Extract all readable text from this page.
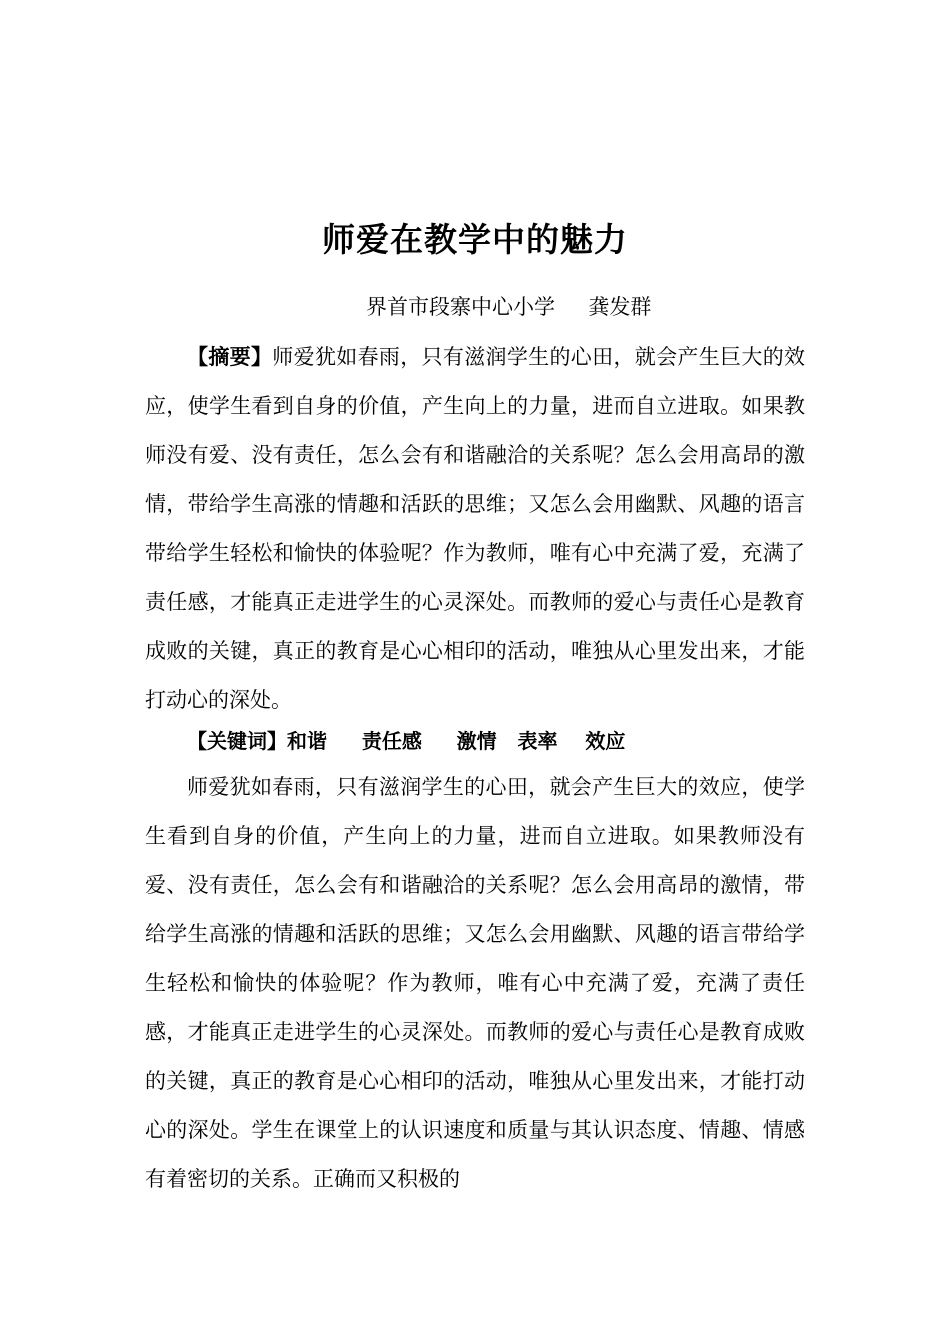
师爱在教学中的魅力
界首市段寨中心小学     龚发群

【摘要】师爱犹如春雨，只有滋润学生的心田，就会产生巨大的效应，使学生看到自身的价值，产生向上的力量，进而自立进取。如果教师没有爱、没有责任，怎么会有和谐融洽的关系呢？怎么会用高昂的激情，带给学生高涨的情趣和活跃的思维；又怎么会用幽默、风趣的语言带给学生轻松和愉快的体验呢？作为教师，唯有心中充满了爱，充满了责任感，才能真正走进学生的心灵深处。而教师的爱心与责任心是教育成败的关键，真正的教育是心心相印的活动，唯独从心里发出来，才能打动心的深处。

【关键词】和谐     责任感     激情   表率    效应

师爱犹如春雨，只有滋润学生的心田，就会产生巨大的效应，使学生看到自身的价值，产生向上的力量，进而自立进取。如果教师没有爱、没有责任，怎么会有和谐融洽的关系呢？怎么会用高昂的激情，带给学生高涨的情趣和活跃的思维；又怎么会用幽默、风趣的语言带给学生轻松和愉快的体验呢？作为教师，唯有心中充满了爱，充满了责任感，才能真正走进学生的心灵深处。而教师的爱心与责任心是教育成败的关键，真正的教育是心心相印的活动，唯独从心里发出来，才能打动心的深处。学生在课堂上的认识速度和质量与其认识态度、情趣、情感有着密切的关系。正确而又积极的
